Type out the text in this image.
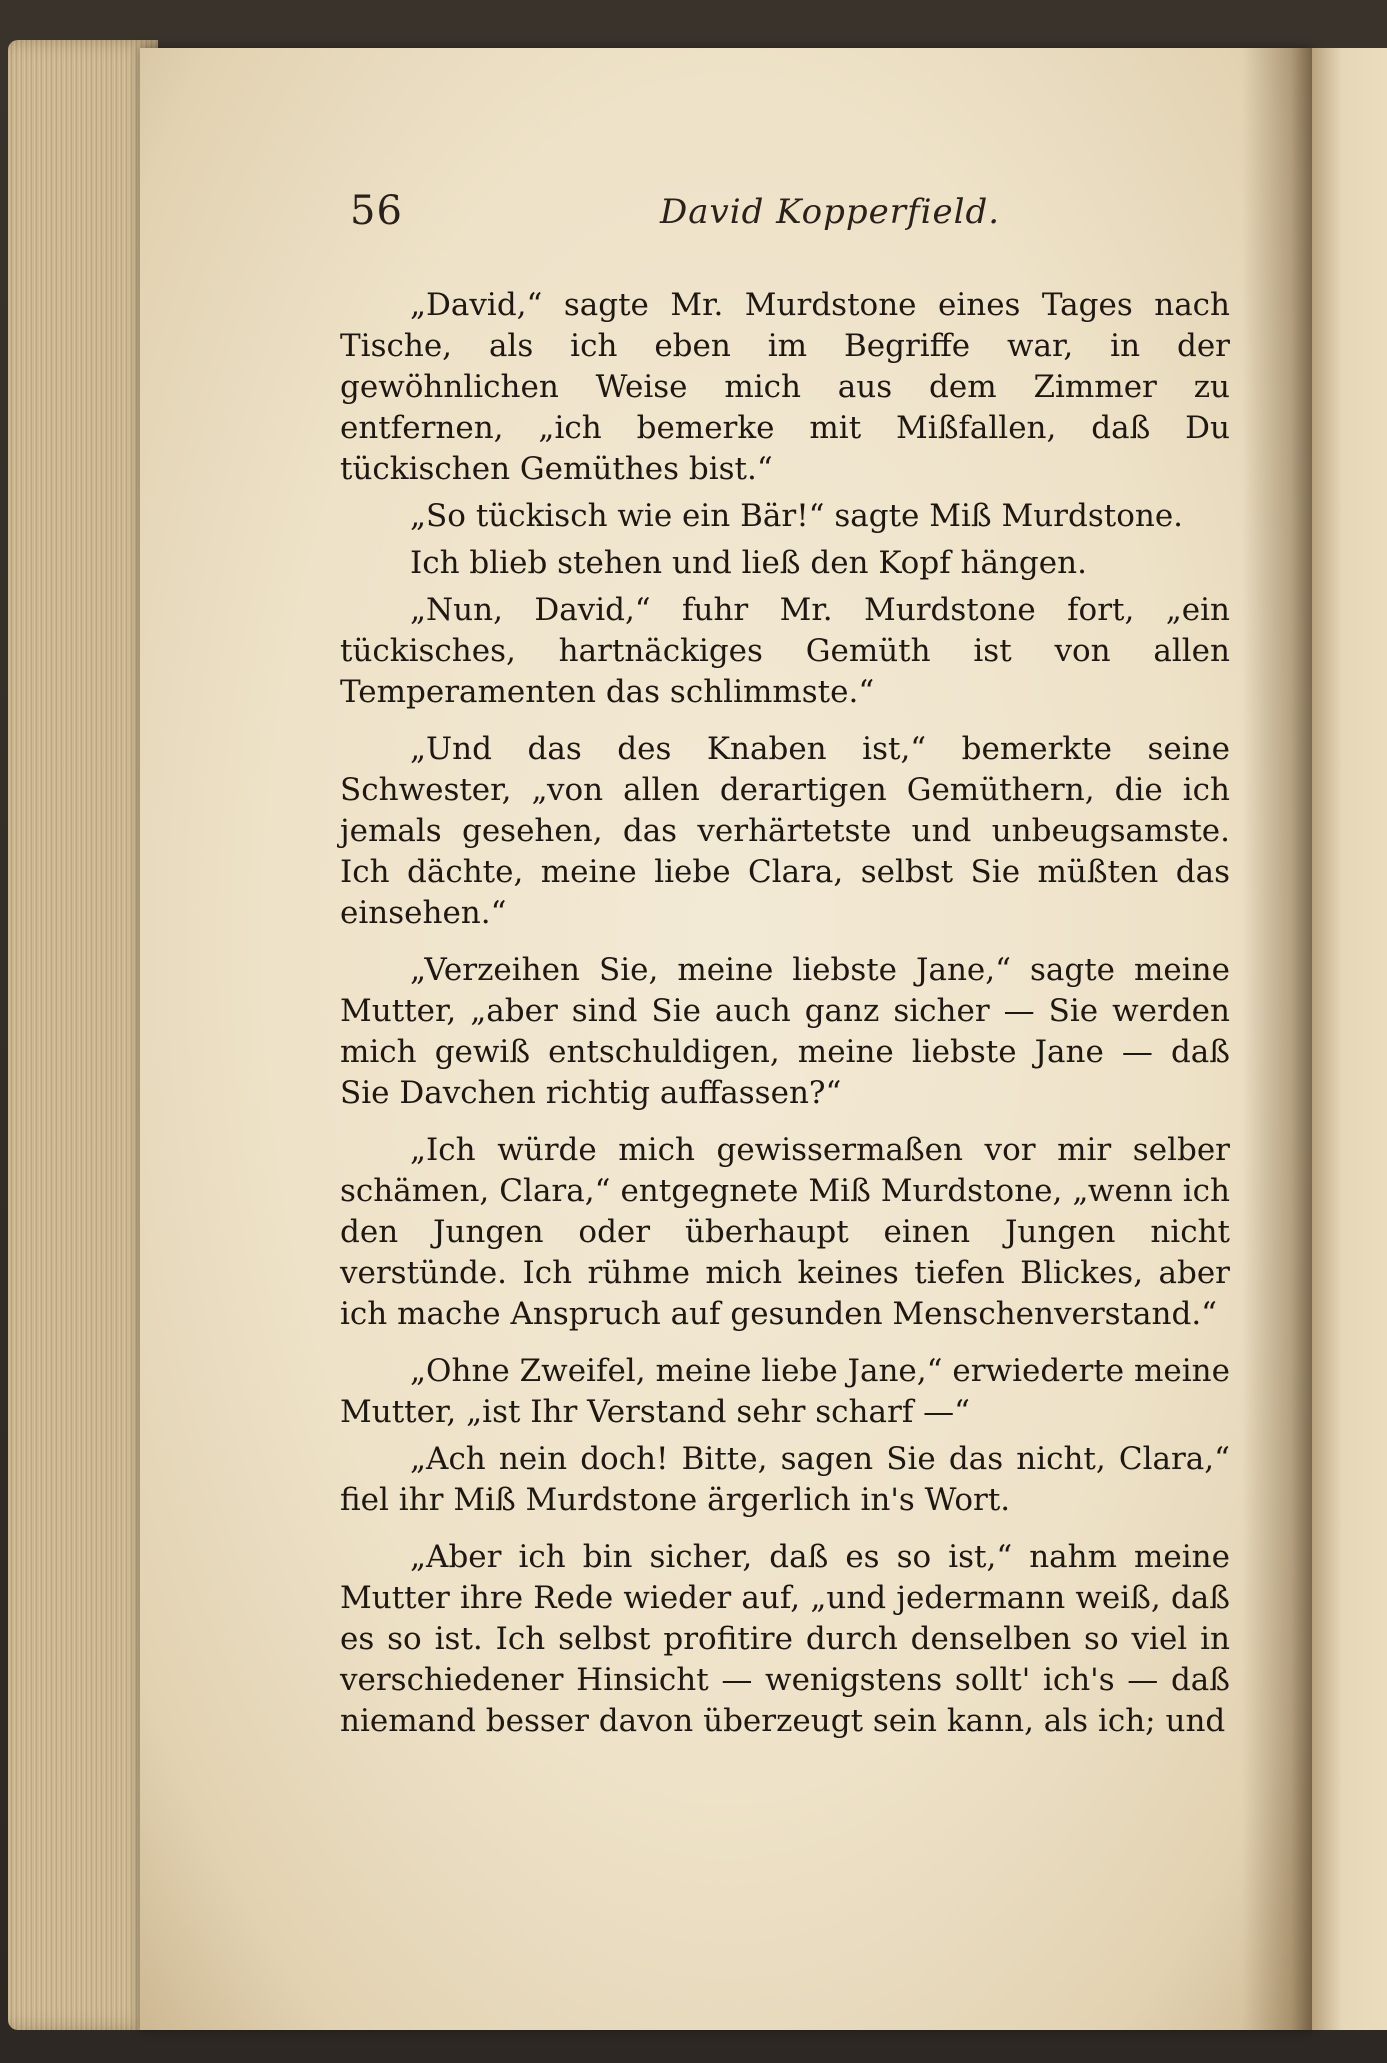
56	David Kopperfield.

„David,“ sagte Mr. Murdstone eines Tages nach Tische, als ich eben im Begriffe war, in der gewöhnlichen Weise mich aus dem Zimmer zu entfernen, „ich bemerke mit Mißfallen, daß Du tückischen Gemüthes bist.“

„So tückisch wie ein Bär!“ sagte Miß Murdstone.

Ich blieb stehen und ließ den Kopf hängen.

„Nun, David,“ fuhr Mr. Murdstone fort, „ein tückisches, hartnäckiges Gemüth ist von allen Temperamenten das schlimmste.“

„Und das des Knaben ist,“ bemerkte seine Schwester, „von allen derartigen Gemüthern, die ich jemals gesehen, das verhärtetste und unbeugsamste. Ich dächte, meine liebe Clara, selbst Sie müßten das einsehen.“

„Verzeihen Sie, meine liebste Jane,“ sagte meine Mutter, „aber sind Sie auch ganz sicher — Sie werden mich gewiß entschuldigen, meine liebste Jane — daß Sie Davchen richtig auffassen?“

„Ich würde mich gewissermaßen vor mir selber schämen, Clara,“ entgegnete Miß Murdstone, „wenn ich den Jungen oder überhaupt einen Jungen nicht verstünde. Ich rühme mich keines tiefen Blickes, aber ich mache Anspruch auf gesunden Menschenverstand.“

„Ohne Zweifel, meine liebe Jane,“ erwiederte meine Mutter, „ist Ihr Verstand sehr scharf —“

„Ach nein doch! Bitte, sagen Sie das nicht, Clara,“ fiel ihr Miß Murdstone ärgerlich in's Wort.

„Aber ich bin sicher, daß es so ist,“ nahm meine Mutter ihre Rede wieder auf, „und jedermann weiß, daß es so ist. Ich selbst profitire durch denselben so viel in verschiedener Hinsicht — wenigstens sollt' ich's — daß niemand besser davon überzeugt sein kann, als ich; und
